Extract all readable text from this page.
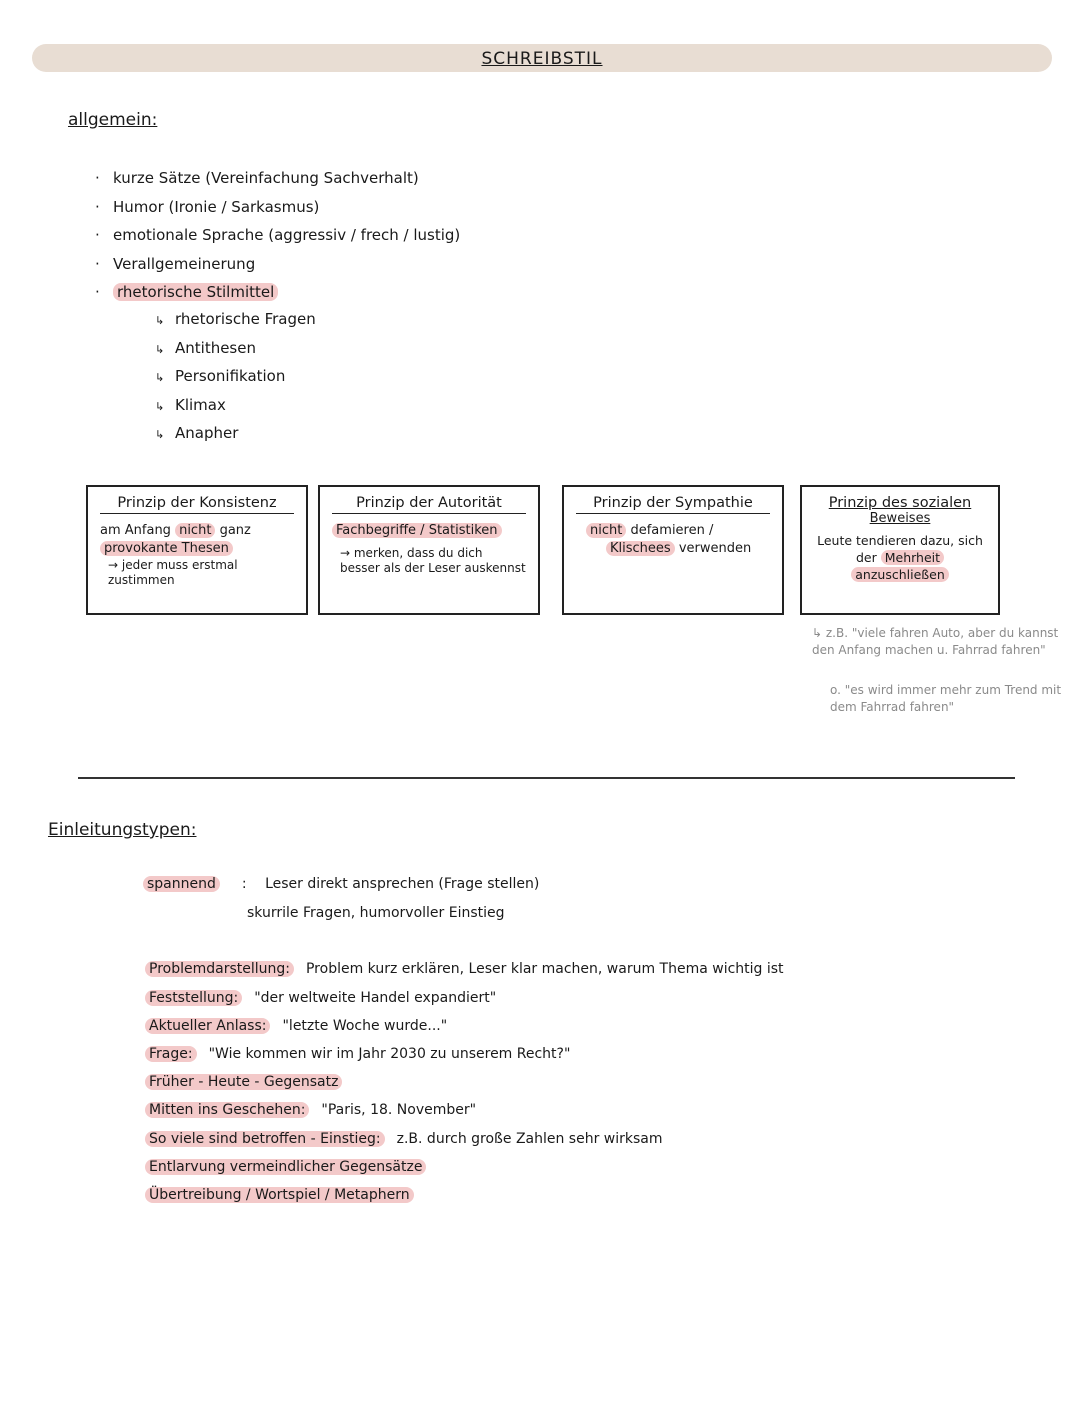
SCHREIBSTIL
allgemein:
· kurze Sätze (Vereinfachung Sachverhalt)
· Humor (Ironie / Sarkasmus)
· emotionale Sprache (aggressiv / frech / lustig)
· Verallgemeinerung
· rhetorische Stilmittel
↳ rhetorische Fragen
↳ Antithesen
↳ Personifikation
↳ Klimax
↳ Anapher
Prinzip der Konsistenz
am Anfang nicht ganz
provokante Thesen
→ jeder muss erstmal zustimmen
Prinzip der Autorität
Fachbegriffe / Statistiken
→ merken, dass du dich besser als der Leser auskennst
Prinzip der Sympathie
nicht defamieren /
Klischees verwenden
Prinzip des sozialen
Beweises
Leute tendieren dazu, sich der Mehrheit
anzuschließen
↳ z.B. "viele fahren Auto, aber du kannst den Anfang machen u. Fahrrad fahren"
o. "es wird immer mehr zum Trend mit dem Fahrrad fahren"
Einleitungstypen:
spannend : Leser direkt ansprechen (Frage stellen)
skurrile Fragen, humorvoller Einstieg
Problemdarstellung: Problem kurz erklären, Leser klar machen, warum Thema wichtig ist
Feststellung: "der weltweite Handel expandiert"
Aktueller Anlass: "letzte Woche wurde..."
Frage: "Wie kommen wir im Jahr 2030 zu unserem Recht?"
Früher - Heute - Gegensatz
Mitten ins Geschehen: "Paris, 18. November"
So viele sind betroffen - Einstieg: z.B. durch große Zahlen sehr wirksam
Entlarvung vermeindlicher Gegensätze
Übertreibung / Wortspiel / Metaphern
